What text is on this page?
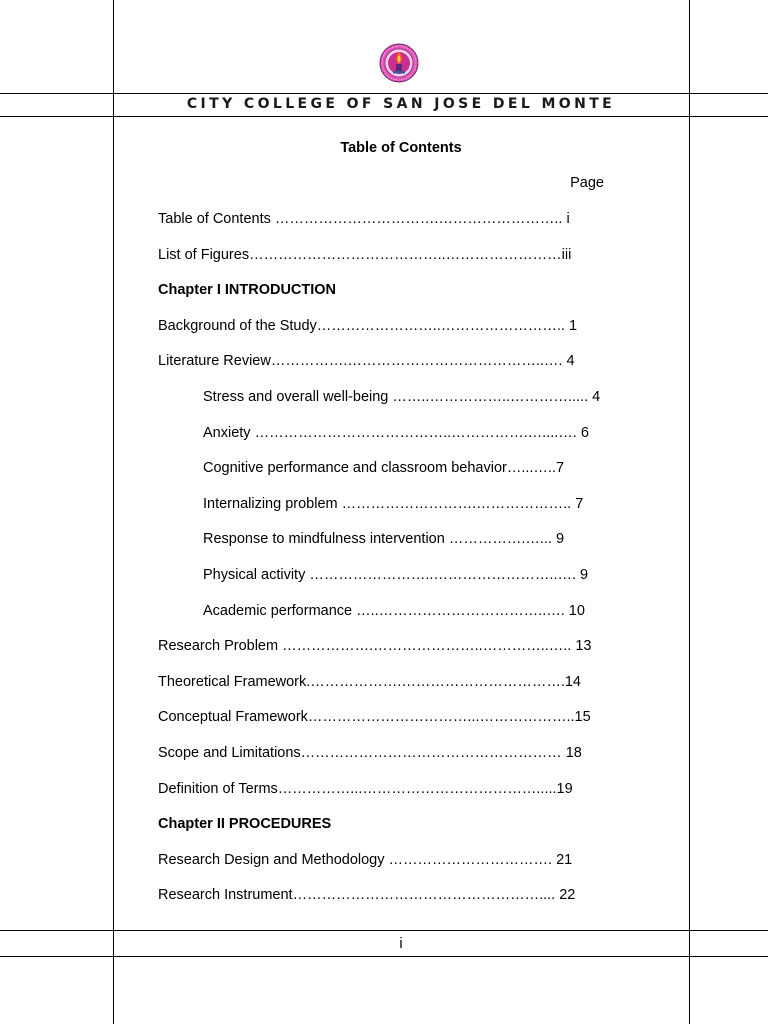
CITY COLLEGE OF SAN JOSE DEL MONTE
Table of Contents
Page
Table of Contents …………………………….…………………….. i
List of Figures…………………………………..……………………iii
Chapter I INTRODUCTION
Background of the Study……………………..…………………….. 1
Literature Review…………….…………………………………..…. 4
Stress and overall well-being ……..……………..…………..... 4
Anxiety …………………………………..…………….…....…. 6
Cognitive performance and classroom behavior…...…..7
Internalizing problem ……………………….……………….. 7
Response to mindfulness intervention …………….…... 9
Physical activity ……………………..……………………..…. 9
Academic performance …..……………………………..…. 10
Research Problem ……………….…………………..…………..….. 13
Theoretical Framework.……………….…………………………….14
Conceptual Framework……………………………...………………..15
Scope and Limitations……………………………………………… 18
Definition of Terms……………...……………………………….....19
Chapter II PROCEDURES
Research Design and Methodology ……………………………. 21
Research Instrument…………………………………………….... 22
i
